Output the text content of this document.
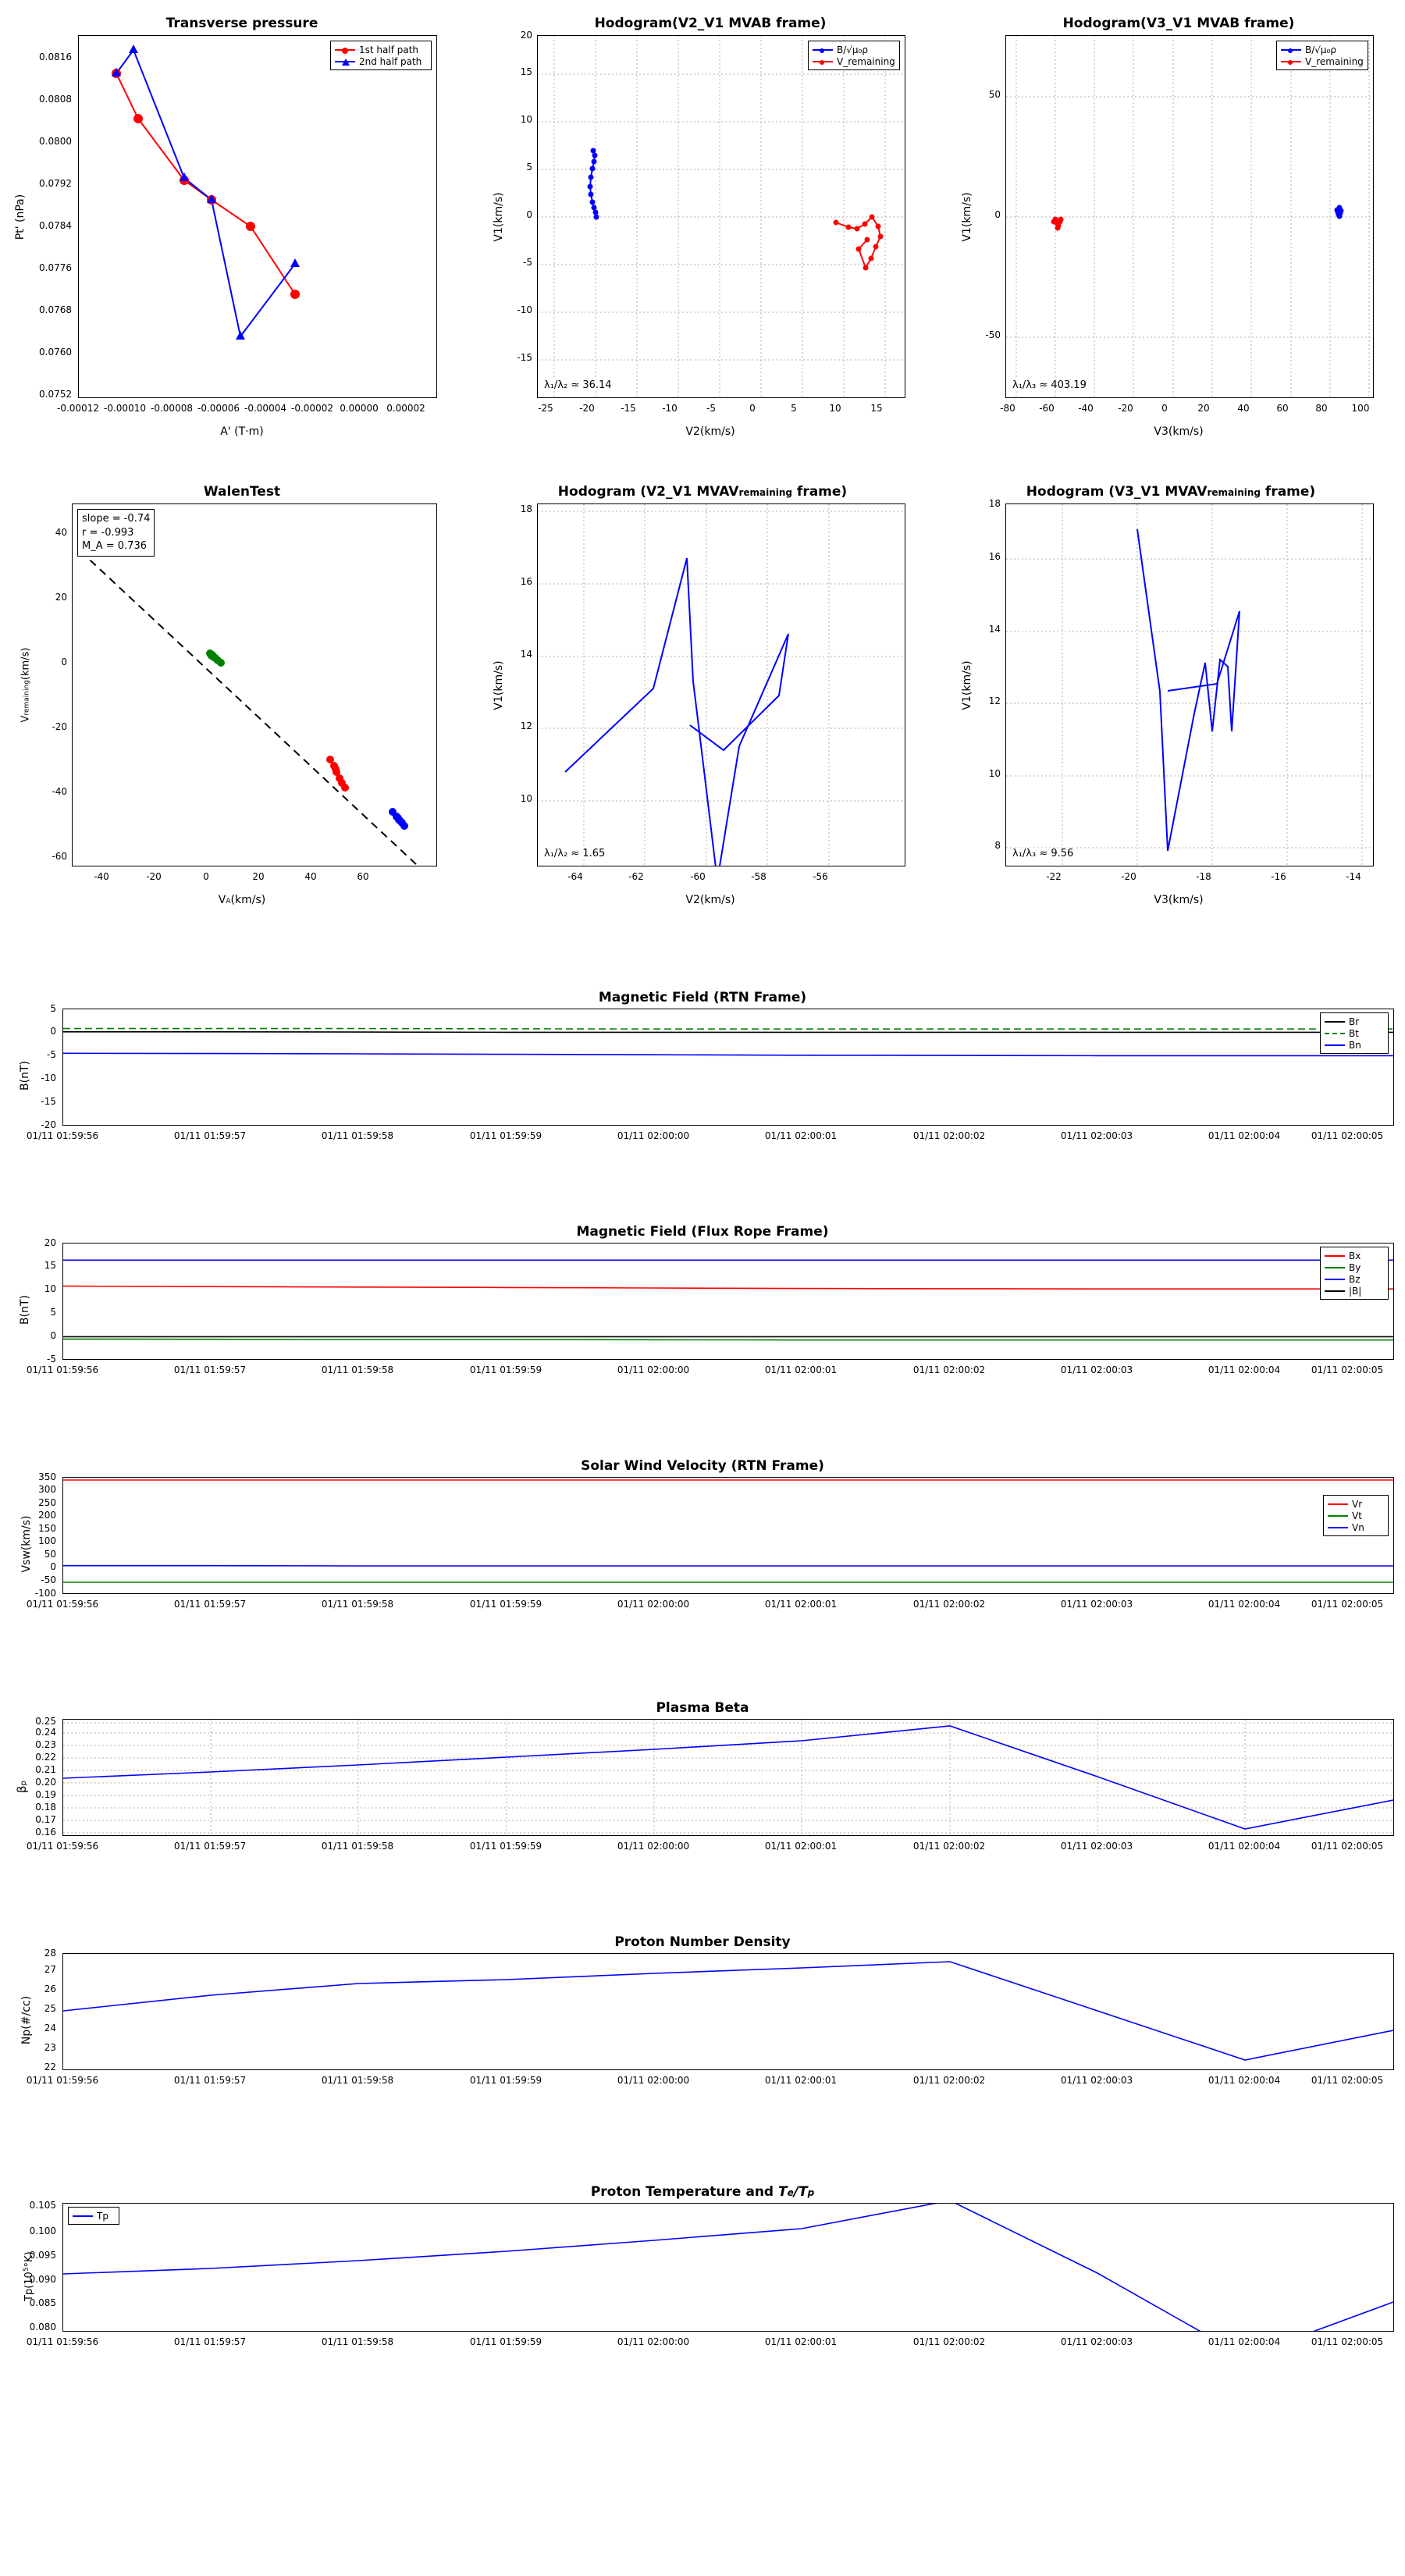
Transverse pressure
Pt' (nPa)
A' (T·m)
1st half path
2nd half path
0.0752
0.0760
0.0768
0.0776
0.0784
0.0792
0.0800
0.0808
0.0816
-0.00012 -0.00010 -0.00008 -0.00006 -0.00004 -0.00002 0.00000 0.00002
Hodogram(V2_V1 MVAB frame)
V1(km/s)
V2(km/s)
B/√μ₀ρ
V_remaining
λ₁/λ₂ ≈ 36.14
-15
-10
-5
0
5
10
15
20
-25	-20	-15	-10	-5	0	5	10	15
Hodogram(V3_V1 MVAB frame)
V1(km/s)
V3(km/s)
B/√μ₀ρ
V_remaining
λ₁/λ₃ ≈ 403.19
-50
0
50
-80	-60	-40	-20	0	20	40	60	80	100
WalenTest
Vremaining(km/s)
VA(km/s)
slope = -0.74
r = -0.993
M_A = 0.736
-60
-40
-20
0
20
40
-40	-20	0	20	40	60
Hodogram (V2_V1 MVAVremaining frame)
V1(km/s)
V2(km/s)
λ₁/λ₂ ≈ 1.65
10
12
14
16
18
-64	-62	-60	-58	-56
Hodogram (V3_V1 MVAVremaining frame)
V1(km/s)
V3(km/s)
λ₁/λ₃ ≈ 9.56
8
10
12
14
16
18
-22	-20	-18	-16	-14
Magnetic Field (RTN Frame)
B(nT)
Br
Bt
Bn
-20
-15
-10
-5
0
5
01/11 01:59:56	01/11 01:59:57	01/11 01:59:58	01/11 01:59:59	01/11 02:00:00	01/11 02:00:01	01/11 02:00:02	01/11 02:00:03	01/11 02:00:04	01/11 02:00:05
Magnetic Field (Flux Rope Frame)
B(nT)
Bx
By
Bz
|B|
-5
0
5
10
15
20
01/11 01:59:56	01/11 01:59:57	01/11 01:59:58	01/11 01:59:59	01/11 02:00:00	01/11 02:00:01	01/11 02:00:02	01/11 02:00:03	01/11 02:00:04	01/11 02:00:05
Solar Wind Velocity (RTN Frame)
Vsw(km/s)
Vr
Vt
Vn
-100
-50
0
50
100
150
200
250
300
350
01/11 01:59:56	01/11 01:59:57	01/11 01:59:58	01/11 01:59:59	01/11 02:00:00	01/11 02:00:01	01/11 02:00:02	01/11 02:00:03	01/11 02:00:04	01/11 02:00:05
Plasma Beta
βp
0.16
0.17
0.18
0.19
0.20
0.21
0.22
0.23
0.24
0.25
01/11 01:59:56	01/11 01:59:57	01/11 01:59:58	01/11 01:59:59	01/11 02:00:00	01/11 02:00:01	01/11 02:00:02	01/11 02:00:03	01/11 02:00:04	01/11 02:00:05
Proton Number Density
Np(#/cc)
22
23
24
25
26
27
28
01/11 01:59:56	01/11 01:59:57	01/11 01:59:58	01/11 01:59:59	01/11 02:00:00	01/11 02:00:01	01/11 02:00:02	01/11 02:00:03	01/11 02:00:04	01/11 02:00:05
Proton Temperature and Te/Tp
$Tp(10^5^\circ K)$
Tp
0.080
0.085
0.090
0.095
0.100
0.105
01/11 01:59:56	01/11 01:59:57	01/11 01:59:58	01/11 01:59:59	01/11 02:00:00	01/11 02:00:01	01/11 02:00:02	01/11 02:00:03	01/11 02:00:04	01/11 02:00:05
